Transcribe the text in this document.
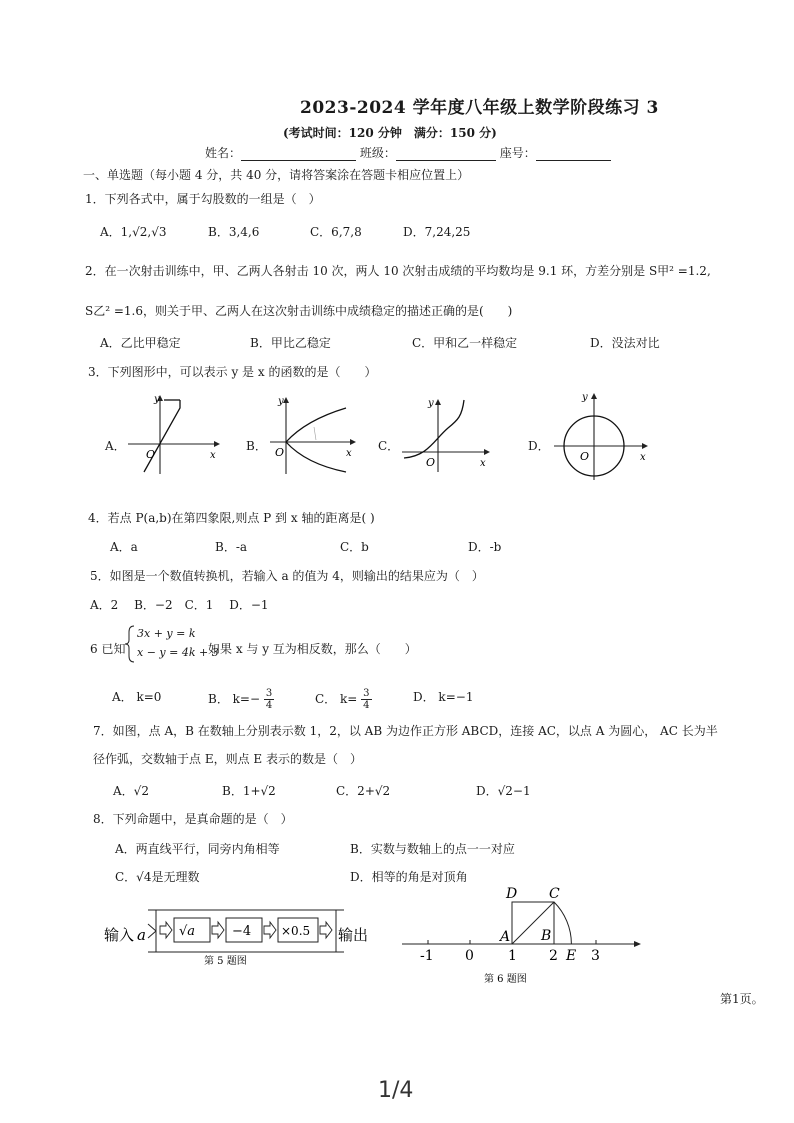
2023-2024 学年度八年级上数学阶段练习 3
(考试时间：120 分钟　满分：150 分)
姓名：	班级：	座号：
一、单选题（每小题 4 分，共 40 分，请将答案涂在答题卡相应位置上）
1．下列各式中，属于勾股数的一组是（　）
A．1,√2,√3	B．3,4,6	C．6,7,8	D．7,24,25
2．在一次射击训练中，甲、乙两人各射击 10 次，两人 10 次射击成绩的平均数均是 9.1 环，方差分别是 S甲² =1.2,
S乙² =1.6，则关于甲、乙两人在这次射击训练中成绩稳定的描述正确的是(　　)
A．乙比甲稳定	B．甲比乙稳定	C．甲和乙一样稳定	D．没法对比
3．下列图形中，可以表示 y 是 x 的函数的是（　　）
A．	B．	C．	D．
y
x
O
y
x
O
y
x
O
y
x
O
4．若点 P(a,b)在第四象限,则点 P 到 x 轴的距离是( )
A．a	B．-a	C．b	D．-b
5．如图是一个数值转换机，若输入 a 的值为 4，则输出的结果应为（　）
A．2　 B．−2　C．1　 D．−1
6 已知
3x + y = k
x − y = 4k + 3
如果 x 与 y 互为相反数，那么（　　）
A． k=0	B． $k=- \frac{3}{4}$	C． $k= \frac{3}{4}$	D． k=−1
7．如图，点 A，B 在数轴上分别表示数 1，2，以 AB 为边作正方形 ABCD，连接 AC，以点 A 为圆心， AC 长为半
径作弧，交数轴于点 E，则点 E 表示的数是（　）
A．√2	B．1+√2	C．2+√2	D．√2−1
8．下列命题中，是真命题的是（　）
A．两直线平行，同旁内角相等	B．实数与数轴上的点一一对应
C．√4是无理数	D．相等的角是对顶角
输入 a	√a	−4 ×0.5 输出
第 5 题图
D C
A B
E
-1 0 1 2 3
第 6 题图
第1页。
1/4
